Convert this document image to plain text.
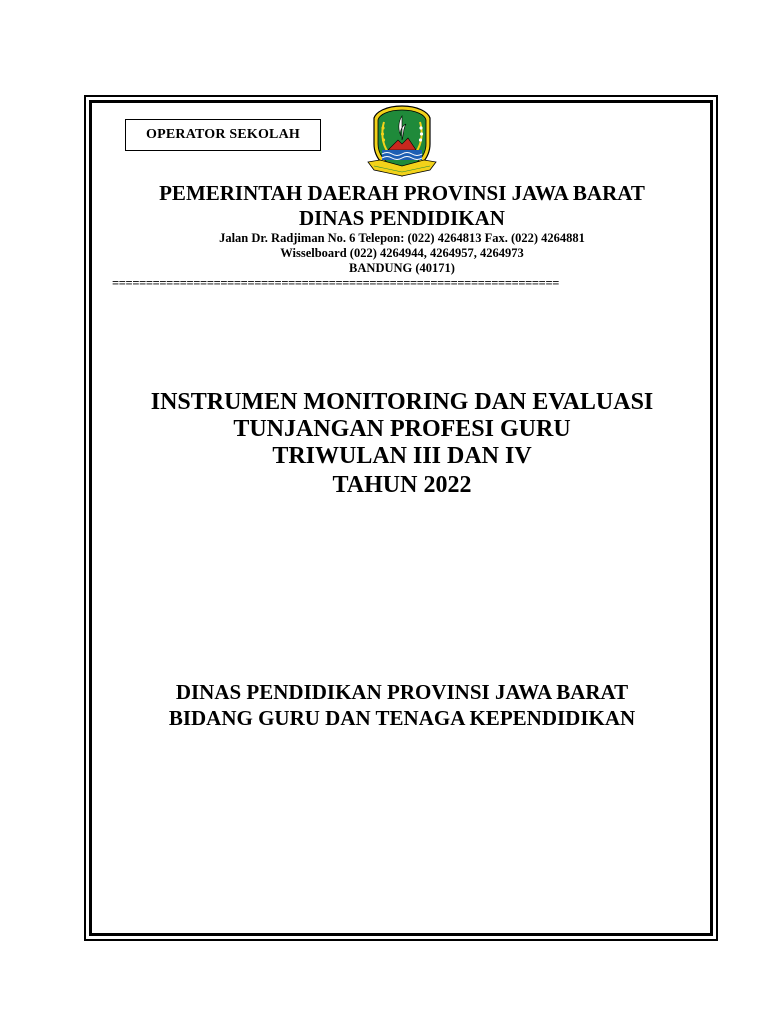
OPERATOR SEKOLAH
PEMERINTAH DAERAH PROVINSI JAWA BARAT
DINAS PENDIDIKAN
Jalan Dr. Radjiman No. 6 Telepon: (022) 4264813 Fax. (022) 4264881
Wisselboard (022) 4264944, 4264957, 4264973
BANDUNG (40171)
==================================================================
INSTRUMEN MONITORING DAN EVALUASI
TUNJANGAN PROFESI GURU
TRIWULAN III DAN IV
TAHUN 2022
DINAS PENDIDIKAN PROVINSI JAWA BARAT
BIDANG GURU DAN TENAGA KEPENDIDIKAN
